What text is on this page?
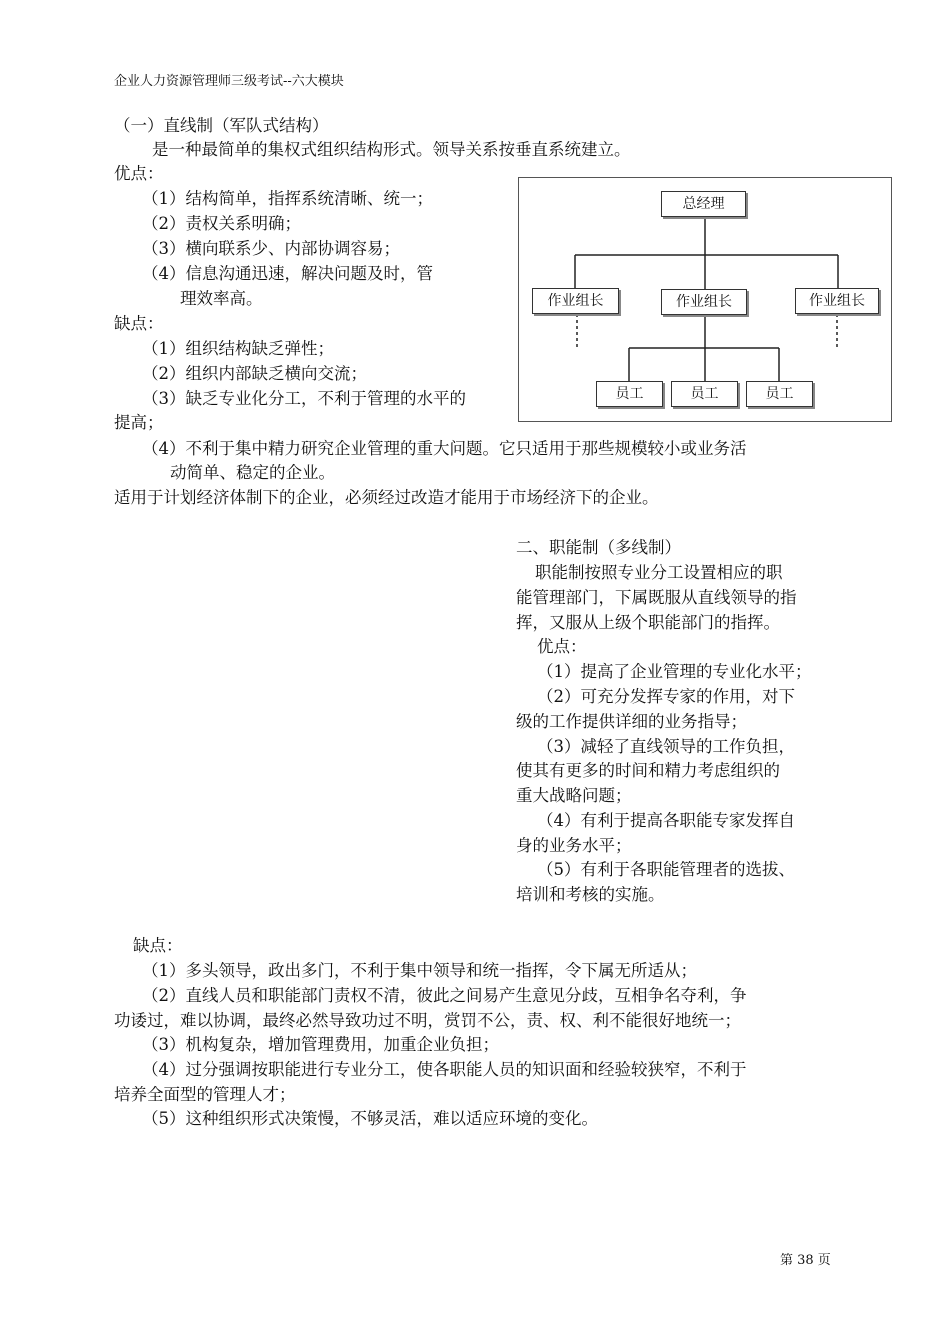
企业人力资源管理师三级考试--六大模块
（一）直线制（军队式结构）
是一种最简单的集权式组织结构形式。领导关系按垂直系统建立。
优点：
（1）结构简单，指挥系统清晰、统一；
（2）责权关系明确；
（3）横向联系少、内部协调容易；
（4）信息沟通迅速，解决问题及时，管
理效率高。
缺点：
（1）组织结构缺乏弹性；
（2）组织内部缺乏横向交流；
（3）缺乏专业化分工，不利于管理的水平的
提高；
（4）不利于集中精力研究企业管理的重大问题。它只适用于那些规模较小或业务活
动简单、稳定的企业。
适用于计划经济体制下的企业，必须经过改造才能用于市场经济下的企业。
总经理
作业组长	作业组长	作业组长
员工	员工	员工
二、职能制（多线制）
职能制按照专业分工设置相应的职
能管理部门，下属既服从直线领导的指
挥，又服从上级个职能部门的指挥。
优点：
（1）提高了企业管理的专业化水平；
（2）可充分发挥专家的作用，对下
级的工作提供详细的业务指导；
（3）减轻了直线领导的工作负担，
使其有更多的时间和精力考虑组织的
重大战略问题；
（4）有利于提高各职能专家发挥自
身的业务水平；
（5）有利于各职能管理者的选拔、
培训和考核的实施。
缺点：
（1）多头领导，政出多门，不利于集中领导和统一指挥，令下属无所适从；
（2）直线人员和职能部门责权不清，彼此之间易产生意见分歧，互相争名夺利，争
功诿过，难以协调，最终必然导致功过不明，赏罚不公，责、权、利不能很好地统一；
（3）机构复杂，增加管理费用，加重企业负担；
（4）过分强调按职能进行专业分工，使各职能人员的知识面和经验较狭窄，不利于
培养全面型的管理人才；
（5）这种组织形式决策慢，不够灵活，难以适应环境的变化。
第 38 页
